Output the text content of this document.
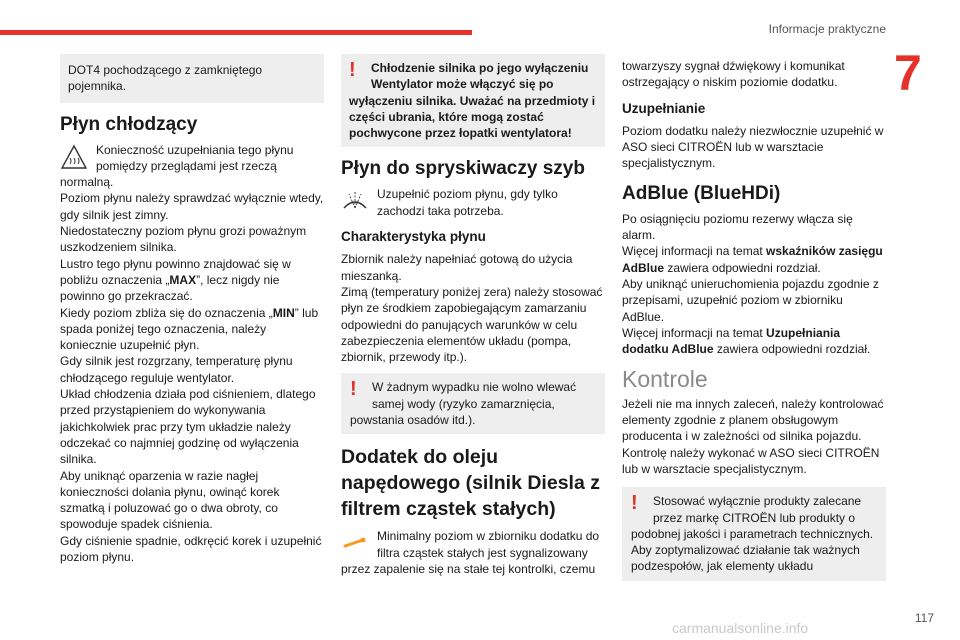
Informacje praktyczne
7

DOT4 pochodzącego z zamkniętego pojemnika.

Płyn chłodzący

Konieczność uzupełniania tego płynu pomiędzy przeglądami jest rzeczą

normalną.

Poziom płynu należy sprawdzać wyłącznie wtedy, gdy silnik jest zimny.

Niedostateczny poziom płynu grozi poważnym uszkodzeniem silnika.

Lustro tego płynu powinno znajdować się w pobliżu oznaczenia „MAX”, lecz nigdy nie powinno go przekraczać.

Kiedy poziom zbliża się do oznaczenia „MIN” lub spada poniżej tego oznaczenia, należy koniecznie uzupełnić płyn.

Gdy silnik jest rozgrzany, temperaturę płynu chłodzącego reguluje wentylator.

Układ chłodzenia działa pod ciśnieniem, dlatego przed przystąpieniem do wykonywania jakichkolwiek prac przy tym układzie należy odczekać co najmniej godzinę od wyłączenia silnika.

Aby uniknąć oparzenia w razie nagłej konieczności dolania płynu, owinąć korek szmatką i poluzować go o dwa obroty, co spowoduje spadek ciśnienia.

Gdy ciśnienie spadnie, odkręcić korek i uzupełnić poziom płynu.

!	Chłodzenie silnika po jego wyłączeniu Wentylator może włączyć się po wyłączeniu silnika. Uważać na przedmioty i części ubrania, które mogą zostać pochwycone przez łopatki wentylatora!

Płyn do spryskiwaczy szyb

Uzupełnić poziom płynu, gdy tylko zachodzi taka potrzeba.

Charakterystyka płynu

Zbiornik należy napełniać gotową do użycia mieszanką.

Zimą (temperatury poniżej zera) należy stosować płyn ze środkiem zapobiegającym zamarzaniu odpowiedni do panujących warunków w celu zabezpieczenia elementów układu (pompa, zbiornik, przewody itp.).

!	W żadnym wypadku nie wolno wlewać samej wody (ryzyko zamarznięcia, powstania osadów itd.).

Dodatek do oleju napędowego (silnik Diesla z filtrem cząstek stałych)

Minimalny poziom w zbiorniku dodatku do filtra cząstek stałych jest sygnalizowany przez zapalenie się na stałe tej kontrolki, czemu

towarzyszy sygnał dźwiękowy i komunikat ostrzegający o niskim poziomie dodatku.

Uzupełnianie

Poziom dodatku należy niezwłocznie uzupełnić w ASO sieci CITROËN lub w warsztacie specjalistycznym.

AdBlue (BlueHDi)

Po osiągnięciu poziomu rezerwy włącza się alarm.

Więcej informacji na temat wskaźników zasięgu AdBlue zawiera odpowiedni rozdział.

Aby uniknąć unieruchomienia pojazdu zgodnie z przepisami, uzupełnić poziom w zbiorniku AdBlue.

Więcej informacji na temat Uzupełniania dodatku AdBlue zawiera odpowiedni rozdział.

Kontrole

Jeżeli nie ma innych zaleceń, należy kontrolować elementy zgodnie z planem obsługowym producenta i w zależności od silnika pojazdu. Kontrolę należy wykonać w ASO sieci CITROËN lub w warsztacie specjalistycznym.

!	Stosować wyłącznie produkty zalecane przez markę CITROËN lub produkty o podobnej jakości i parametrach technicznych. Aby zoptymalizować działanie tak ważnych podzespołów, jak elementy układu

117
carmanualsonline.info
